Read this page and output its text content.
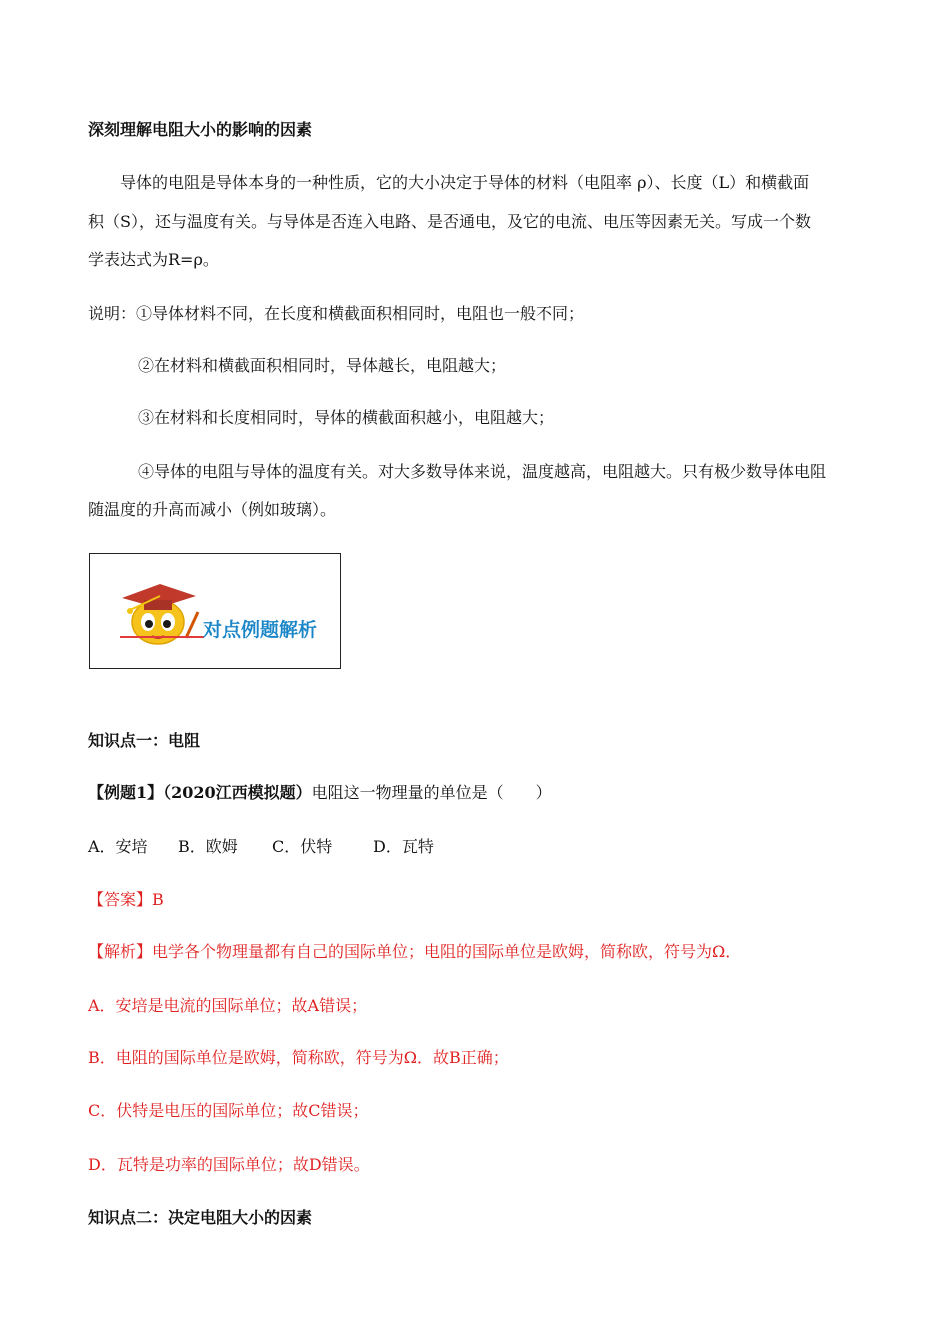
深刻理解电阻大小的影响的因素
导体的电阻是导体本身的一种性质，它的大小决定于导体的材料（电阻率 ρ）、长度（L）和横截面
积（S），还与温度有关。与导体是否连入电路、是否通电，及它的电流、电压等因素无关。写成一个数
学表达式为R=ρ。
说明：①导体材料不同，在长度和横截面积相同时，电阻也一般不同；
②在材料和横截面积相同时，导体越长，电阻越大；
③在材料和长度相同时，导体的横截面积越小，电阻越大；
④导体的电阻与导体的温度有关。对大多数导体来说，温度越高，电阻越大。只有极少数导体电阻
随温度的升高而减小（例如玻璃）。
对点例题解析
知识点一：电阻
【例题1】（2020江西模拟题）电阻这一物理量的单位是（　　）
A．安培 B．欧姆 C．伏特	D．瓦特
【答案】B
【解析】电学各个物理量都有自己的国际单位；电阻的国际单位是欧姆，简称欧，符号为Ω．
A．安培是电流的国际单位；故A错误；
B．电阻的国际单位是欧姆，简称欧，符号为Ω．故B正确；
C．伏特是电压的国际单位；故C错误；
D．瓦特是功率的国际单位；故D错误。
知识点二：决定电阻大小的因素
